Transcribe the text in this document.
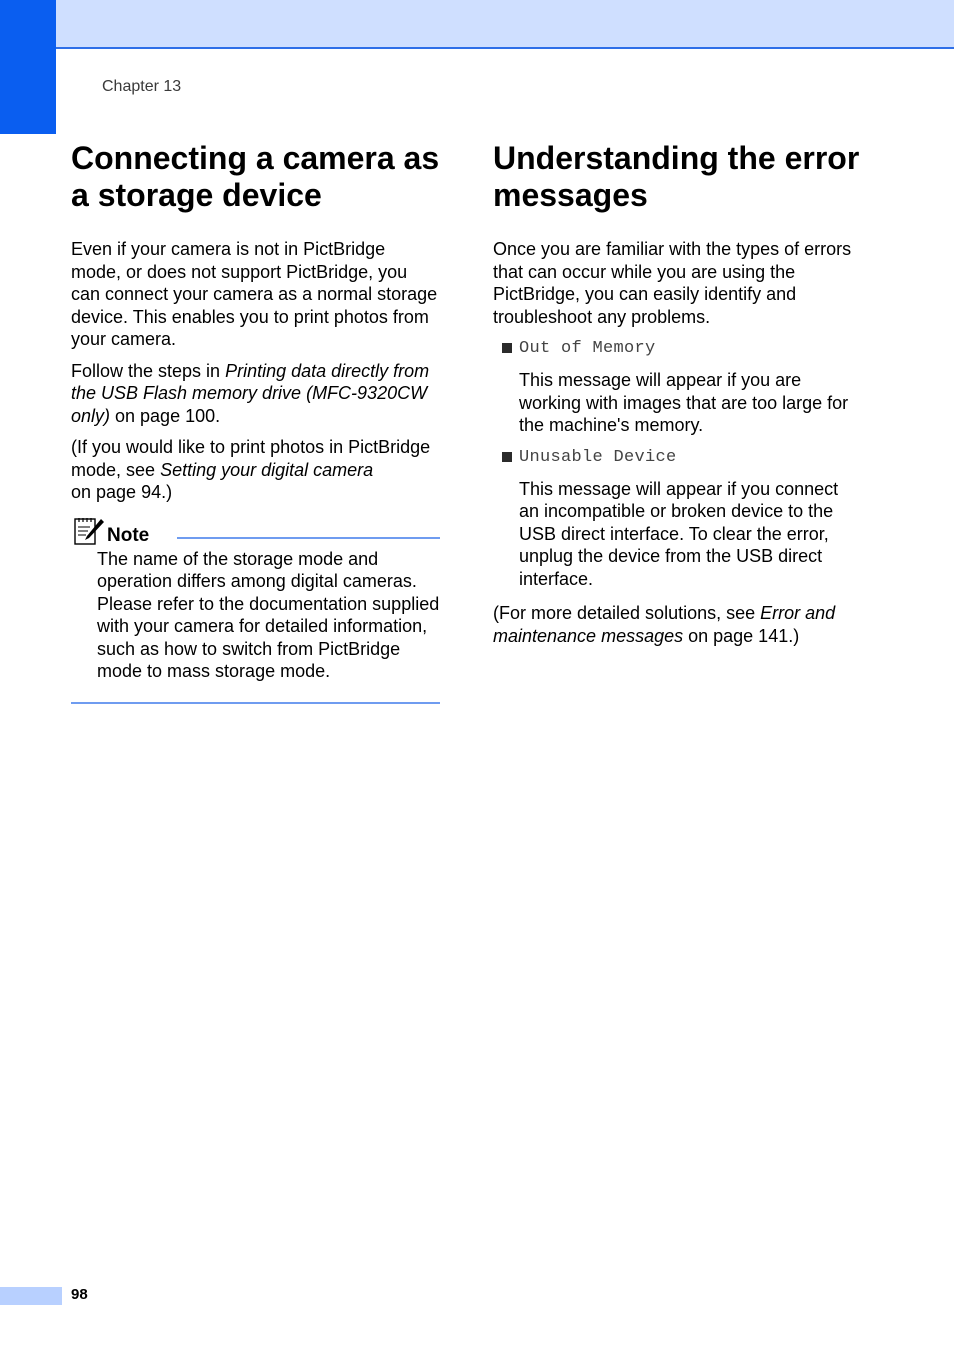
Chapter 13
Connecting a camera as a storage device

Even if your camera is not in PictBridge mode, or does not support PictBridge, you can connect your camera as a normal storage device. This enables you to print photos from your camera.

Follow the steps in Printing data directly from the USB Flash memory drive (MFC-9320CW only) on page 100.

(If you would like to print photos in PictBridge mode, see Setting your digital camera
on page 94.)

Note

The name of the storage mode and operation differs among digital cameras. Please refer to the documentation supplied with your camera for detailed information, such as how to switch from PictBridge mode to mass storage mode.

Understanding the error messages

Once you are familiar with the types of errors that can occur while you are using the PictBridge, you can easily identify and troubleshoot any problems.

Out of Memory

This message will appear if you are working with images that are too large for the machine's memory.

Unusable Device

This message will appear if you connect an incompatible or broken device to the USB direct interface. To clear the error, unplug the device from the USB direct interface.

(For more detailed solutions, see Error and maintenance messages on page 141.)

98
